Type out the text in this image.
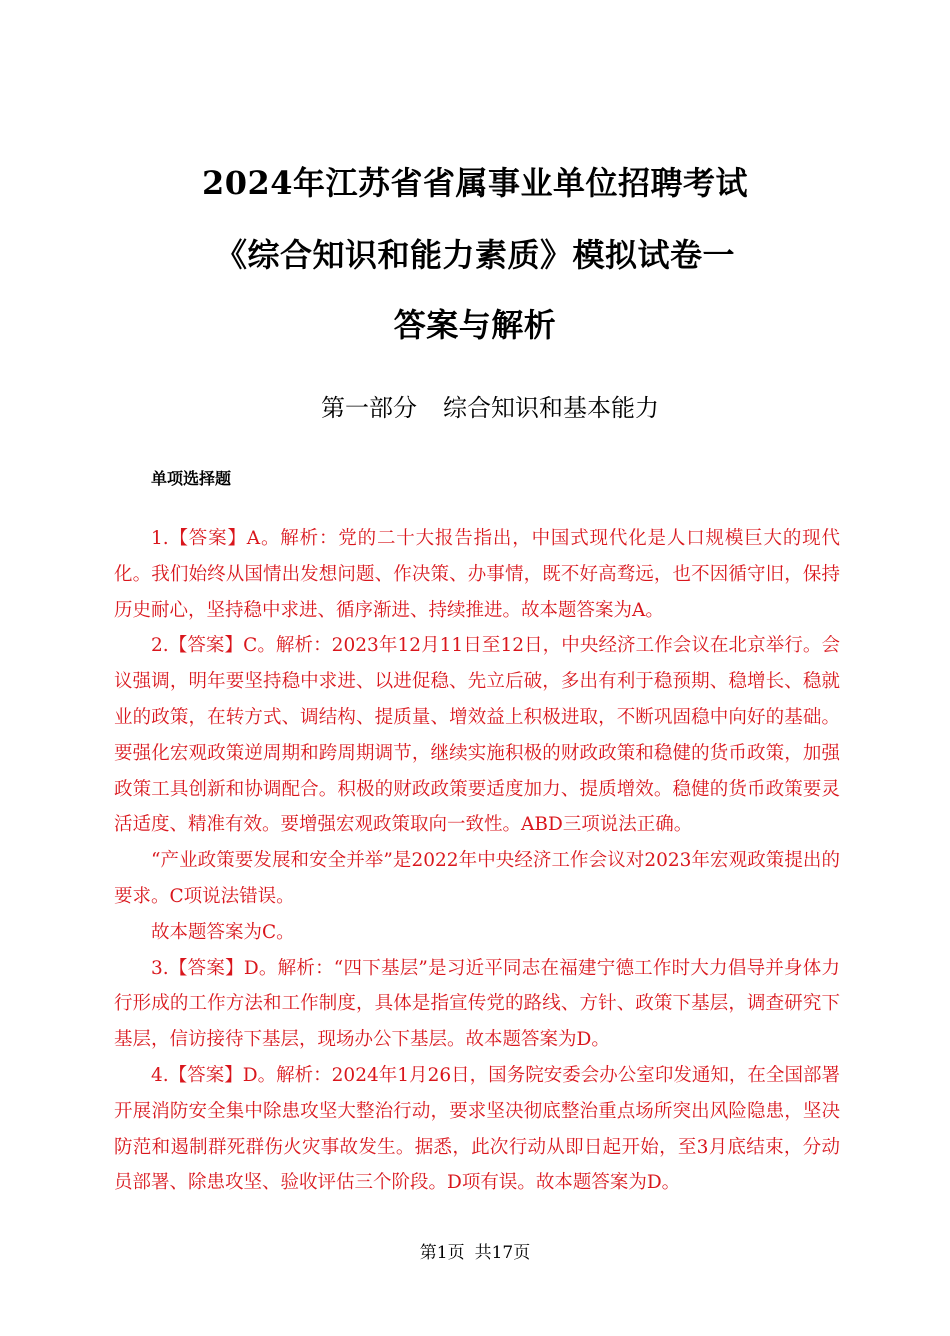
2024年江苏省省属事业单位招聘考试
《综合知识和能力素质》模拟试卷一
答案与解析
第一部分 综合知识和基本能力
单项选择题

1.【答案】A。解析：党的二十大报告指出，中国式现代化是人口规模巨大的现代化。我们始终从国情出发想问题、作决策、办事情，既不好高骛远，也不因循守旧，保持历史耐心，坚持稳中求进、循序渐进、持续推进。故本题答案为A。

2.【答案】C。解析：2023年12月11日至12日，中央经济工作会议在北京举行。会议强调，明年要坚持稳中求进、以进促稳、先立后破，多出有利于稳预期、稳增长、稳就业的政策，在转方式、调结构、提质量、增效益上积极进取，不断巩固稳中向好的基础。要强化宏观政策逆周期和跨周期调节，继续实施积极的财政政策和稳健的货币政策，加强政策工具创新和协调配合。积极的财政政策要适度加力、提质增效。稳健的货币政策要灵活适度、精准有效。要增强宏观政策取向一致性。ABD三项说法正确。

“产业政策要发展和安全并举”是2022年中央经济工作会议对2023年宏观政策提出的要求。C项说法错误。

故本题答案为C。

3.【答案】D。解析：“四下基层”是习近平同志在福建宁德工作时大力倡导并身体力行形成的工作方法和工作制度，具体是指宣传党的路线、方针、政策下基层，调查研究下基层，信访接待下基层，现场办公下基层。故本题答案为D。

4.【答案】D。解析：2024年1月26日，国务院安委会办公室印发通知，在全国部署开展消防安全集中除患攻坚大整治行动，要求坚决彻底整治重点场所突出风险隐患，坚决防范和遏制群死群伤火灾事故发生。据悉，此次行动从即日起开始，至3月底结束，分动员部署、除患攻坚、验收评估三个阶段。D项有误。故本题答案为D。

第1页 共17页
